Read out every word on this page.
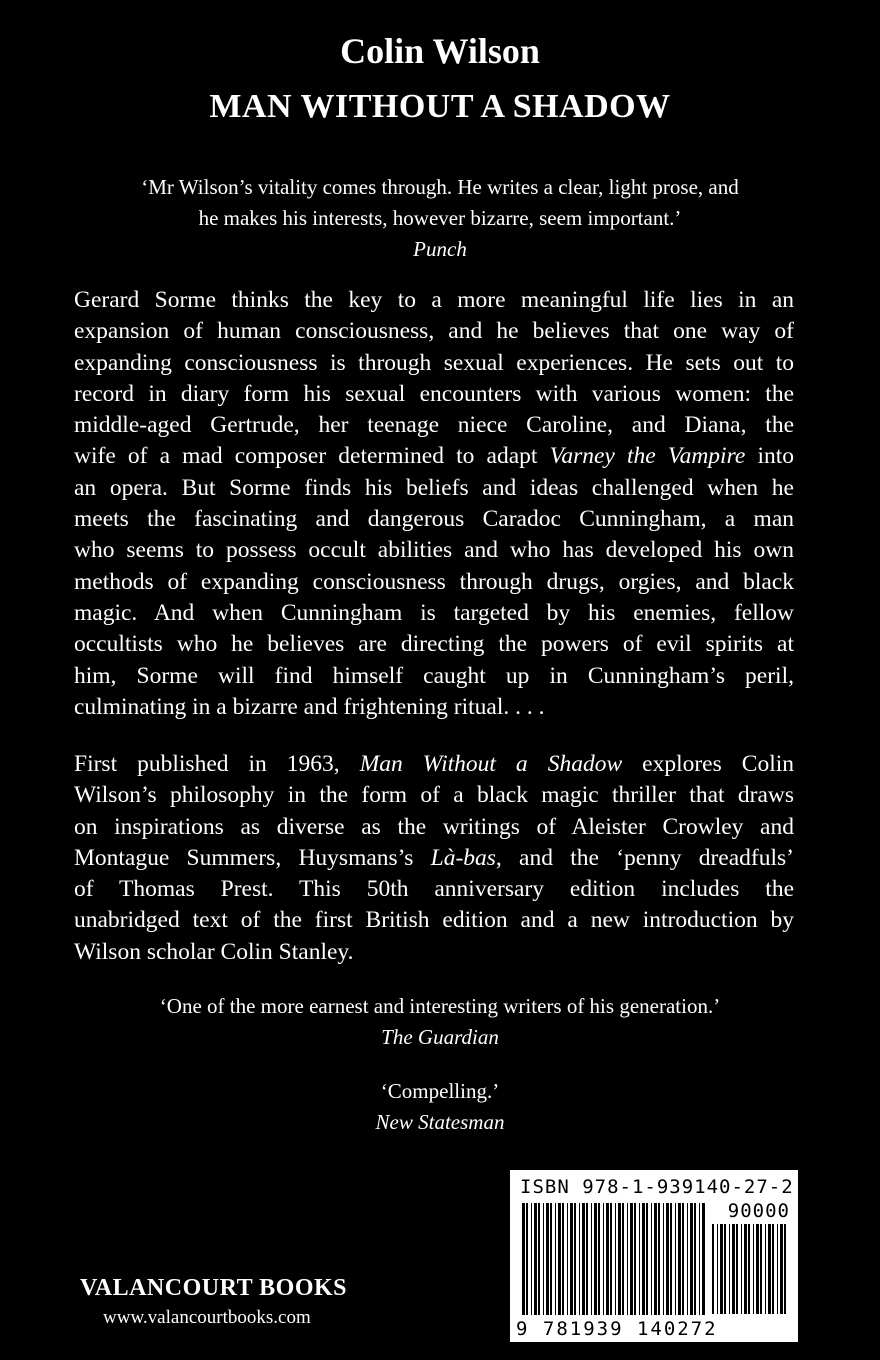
Colin Wilson
MAN WITHOUT A SHADOW
‘Mr Wilson’s vitality comes through. He writes a clear, light prose, and
he makes his interests, however bizarre, seem important.’
Punch
Gerard Sorme thinks the key to a more meaningful life lies in an
expansion of human consciousness, and he believes that one way of
expanding consciousness is through sexual experiences. He sets out to
record in diary form his sexual encounters with various women: the
middle-aged Gertrude, her teenage niece Caroline, and Diana, the
wife of a mad composer determined to adapt Varney the Vampire into
an opera. But Sorme finds his beliefs and ideas challenged when he
meets the fascinating and dangerous Caradoc Cunningham, a man
who seems to possess occult abilities and who has developed his own
methods of expanding consciousness through drugs, orgies, and black
magic. And when Cunningham is targeted by his enemies, fellow
occultists who he believes are directing the powers of evil spirits at
him, Sorme will find himself caught up in Cunningham’s peril,
culminating in a bizarre and frightening ritual. . . .
First published in 1963, Man Without a Shadow explores Colin
Wilson’s philosophy in the form of a black magic thriller that draws
on inspirations as diverse as the writings of Aleister Crowley and
Montague Summers, Huysmans’s Là-bas, and the ‘penny dreadfuls’
of Thomas Prest. This 50th anniversary edition includes the
unabridged text of the first British edition and a new introduction by
Wilson scholar Colin Stanley.
‘One of the more earnest and interesting writers of his generation.’
The Guardian
‘Compelling.’
New Statesman
VALANCOURT BOOKS
www.valancourtbooks.com
ISBN 978-1-939140-27-2
90000
9 781939 140272
